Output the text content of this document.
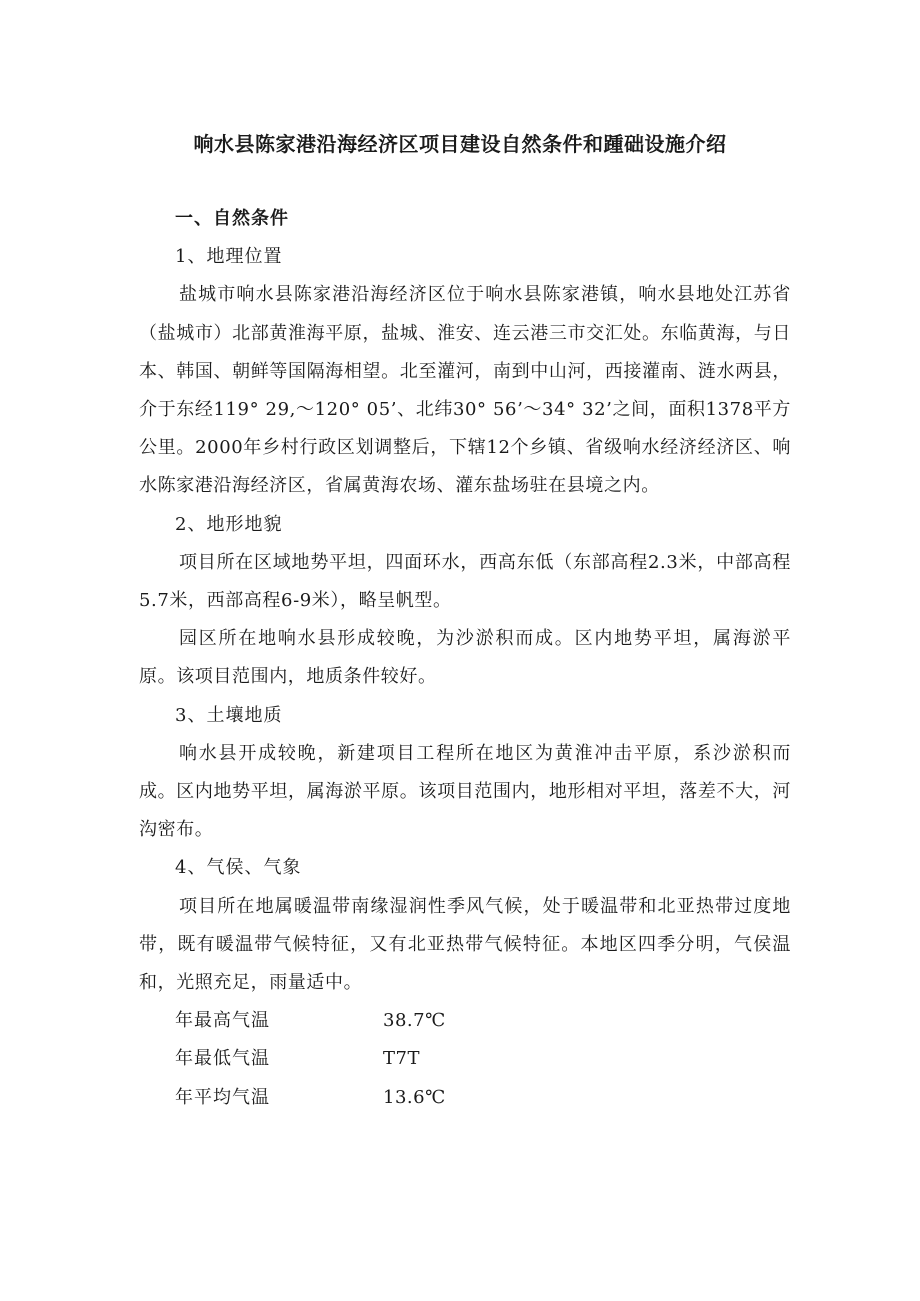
响水县陈家港沿海经济区项目建设自然条件和踵础设施介绍

一、自然条件

1、地理位置

盐城市响水县陈家港沿海经济区位于响水县陈家港镇，响水县地处江苏省（盐城市）北部黄淮海平原，盐城、淮安、连云港三市交汇处。东临黄海，与日本、韩国、朝鲜等国隔海相望。北至灌河，南到中山河，西接灌南、涟水两县，介于东经119° 29,～120° 05’、北纬30° 56’～34° 32’之间，面积1378平方公里。2000年乡村行政区划调整后，下辖12个乡镇、省级响水经济经济区、响水陈家港沿海经济区，省属黄海农场、灌东盐场驻在县境之内。

2、地形地貌

项目所在区域地势平坦，四面环水，西高东低（东部高程2.3米，中部高程5.7米，西部高程6-9米），略呈帆型。

园区所在地响水县形成较晚，为沙淤积而成。区内地势平坦，属海淤平原。该项目范围内，地质条件较好。

3、土壤地质

响水县开成较晚，新建项目工程所在地区为黄淮冲击平原，系沙淤积而成。区内地势平坦，属海淤平原。该项目范围内，地形相对平坦，落差不大，河沟密布。

4、气侯、气象

项目所在地属暖温带南缘湿润性季风气候，处于暖温带和北亚热带过度地带，既有暖温带气候特征，又有北亚热带气候特征。本地区四季分明，气侯温和，光照充足，雨量适中。

年最高气温	38.7℃
年最低气温	T7T
年平均气温	13.6℃
